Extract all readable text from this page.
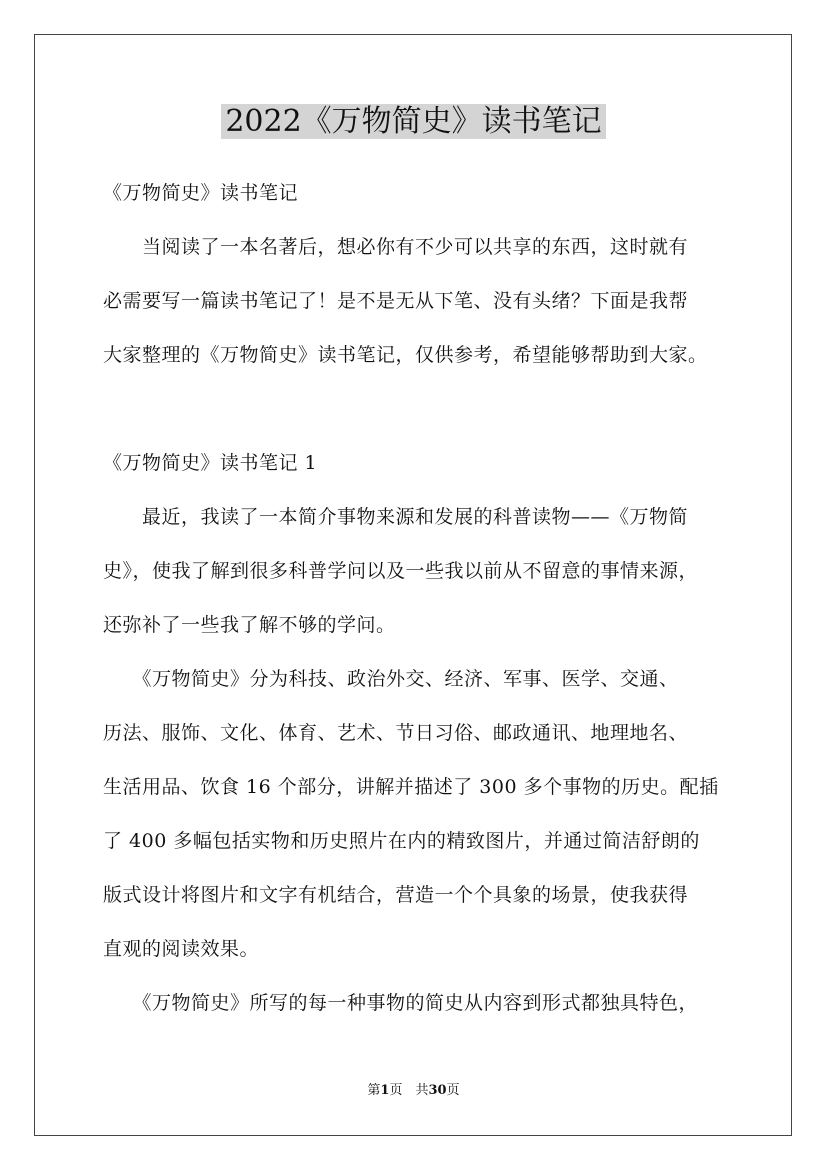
2022《万物简史》读书笔记
《万物简史》读书笔记
　　当阅读了一本名著后，想必你有不少可以共享的东西，这时就有
必需要写一篇读书笔记了！是不是无从下笔、没有头绪？下面是我帮
大家整理的《万物简史》读书笔记，仅供参考，希望能够帮助到大家。
《万物简史》读书笔记 1
　　最近，我读了一本简介事物来源和发展的科普读物——《万物简
史》，使我了解到很多科普学问以及一些我以前从不留意的事情来源，
还弥补了一些我了解不够的学问。
　　《万物简史》分为科技、政治外交、经济、军事、医学、交通、
历法、服饰、文化、体育、艺术、节日习俗、邮政通讯、地理地名、
生活用品、饮食 16 个部分，讲解并描述了 300 多个事物的历史。配插
了 400 多幅包括实物和历史照片在内的精致图片，并通过简洁舒朗的
版式设计将图片和文字有机结合，营造一个个具象的场景，使我获得
直观的阅读效果。
　　《万物简史》所写的每一种事物的简史从内容到形式都独具特色，
第1页　共30页
